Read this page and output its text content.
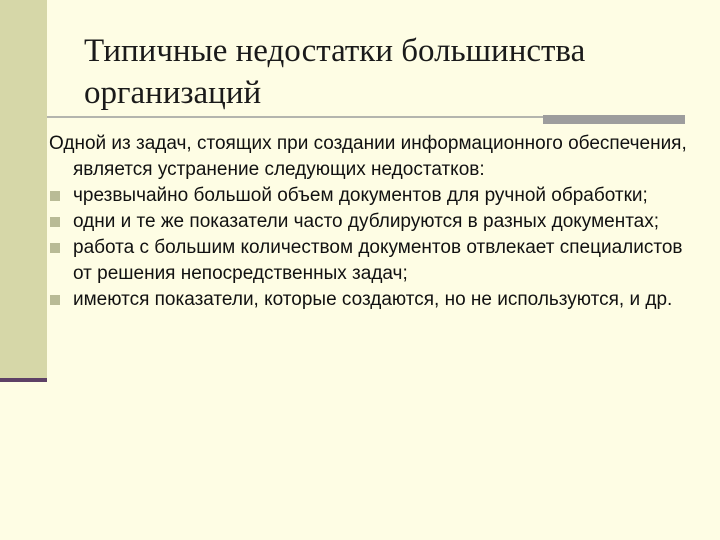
Типичные недостатки большинства организаций

Одной из задач, стоящих при создании информационного обеспечения, является устранение следующих недостатков:

чрезвычайно большой объем документов для ручной обработки;
одни и те же показатели часто дублируются в разных документах;
работа с большим количеством документов отвлекает специалистов от решения непосредственных задач;
имеются показатели, которые создаются, но не используются, и др.
